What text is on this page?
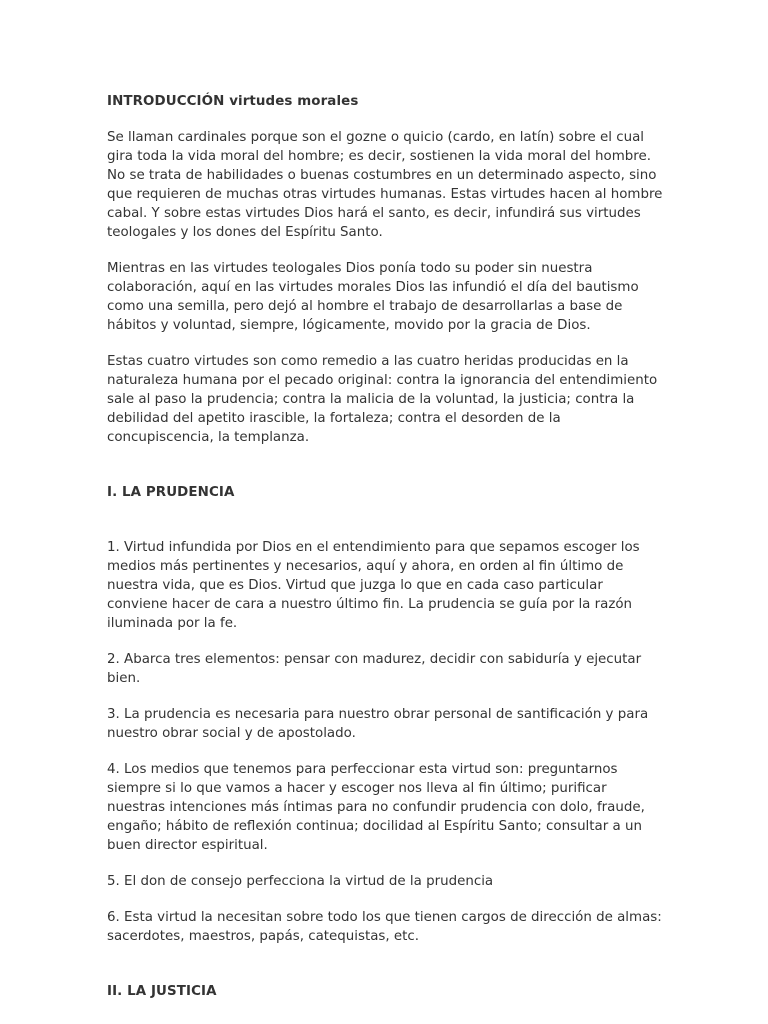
INTRODUCCIÓN virtudes morales

Se llaman cardinales porque son el gozne o quicio (cardo, en latín) sobre el cual gira toda la vida moral del hombre; es decir, sostienen la vida moral del hombre. No se trata de habilidades o buenas costumbres en un determinado aspecto, sino que requieren de muchas otras virtudes humanas. Estas virtudes hacen al hombre cabal. Y sobre estas virtudes Dios hará el santo, es decir, infundirá sus virtudes teologales y los dones del Espíritu Santo.

Mientras en las virtudes teologales Dios ponía todo su poder sin nuestra colaboración, aquí en las virtudes morales Dios las infundió el día del bautismo como una semilla, pero dejó al hombre el trabajo de desarrollarlas a base de hábitos y voluntad, siempre, lógicamente, movido por la gracia de Dios.

Estas cuatro virtudes son como remedio a las cuatro heridas producidas en la naturaleza humana por el pecado original: contra la ignorancia del entendimiento sale al paso la prudencia; contra la malicia de la voluntad, la justicia; contra la debilidad del apetito irascible, la fortaleza; contra el desorden de la concupiscencia, la templanza.

I. LA PRUDENCIA

1. Virtud infundida por Dios en el entendimiento para que sepamos escoger los medios más pertinentes y necesarios, aquí y ahora, en orden al fin último de nuestra vida, que es Dios. Virtud que juzga lo que en cada caso particular conviene hacer de cara a nuestro último fin. La prudencia se guía por la razón iluminada por la fe.

2. Abarca tres elementos: pensar con madurez, decidir con sabiduría y ejecutar bien.

3. La prudencia es necesaria para nuestro obrar personal de santificación y para nuestro obrar social y de apostolado.

4. Los medios que tenemos para perfeccionar esta virtud son: preguntarnos siempre si lo que vamos a hacer y escoger nos lleva al fin último; purificar nuestras intenciones más íntimas para no confundir prudencia con dolo, fraude, engaño; hábito de reflexión continua; docilidad al Espíritu Santo; consultar a un buen director espiritual.

5. El don de consejo perfecciona la virtud de la prudencia

6. Esta virtud la necesitan sobre todo los que tienen cargos de dirección de almas: sacerdotes, maestros, papás, catequistas, etc.

II. LA JUSTICIA
